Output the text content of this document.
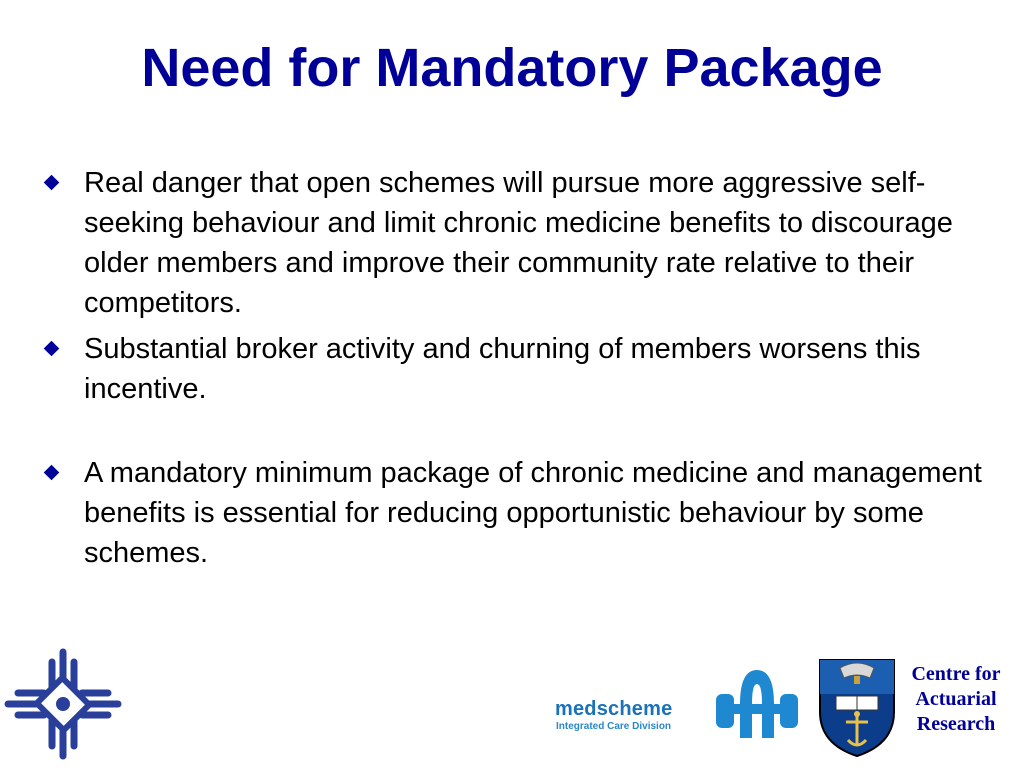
Need for Mandatory Package
Real danger that open schemes will pursue more aggressive self-seeking behaviour and limit chronic medicine benefits to discourage older members and improve their community rate relative to their competitors.
Substantial broker activity and churning of members worsens this incentive.
A mandatory minimum package of chronic medicine and management benefits is essential for reducing opportunistic behaviour by some schemes.
medscheme
Integrated Care Division
Centre for
Actuarial
Research
